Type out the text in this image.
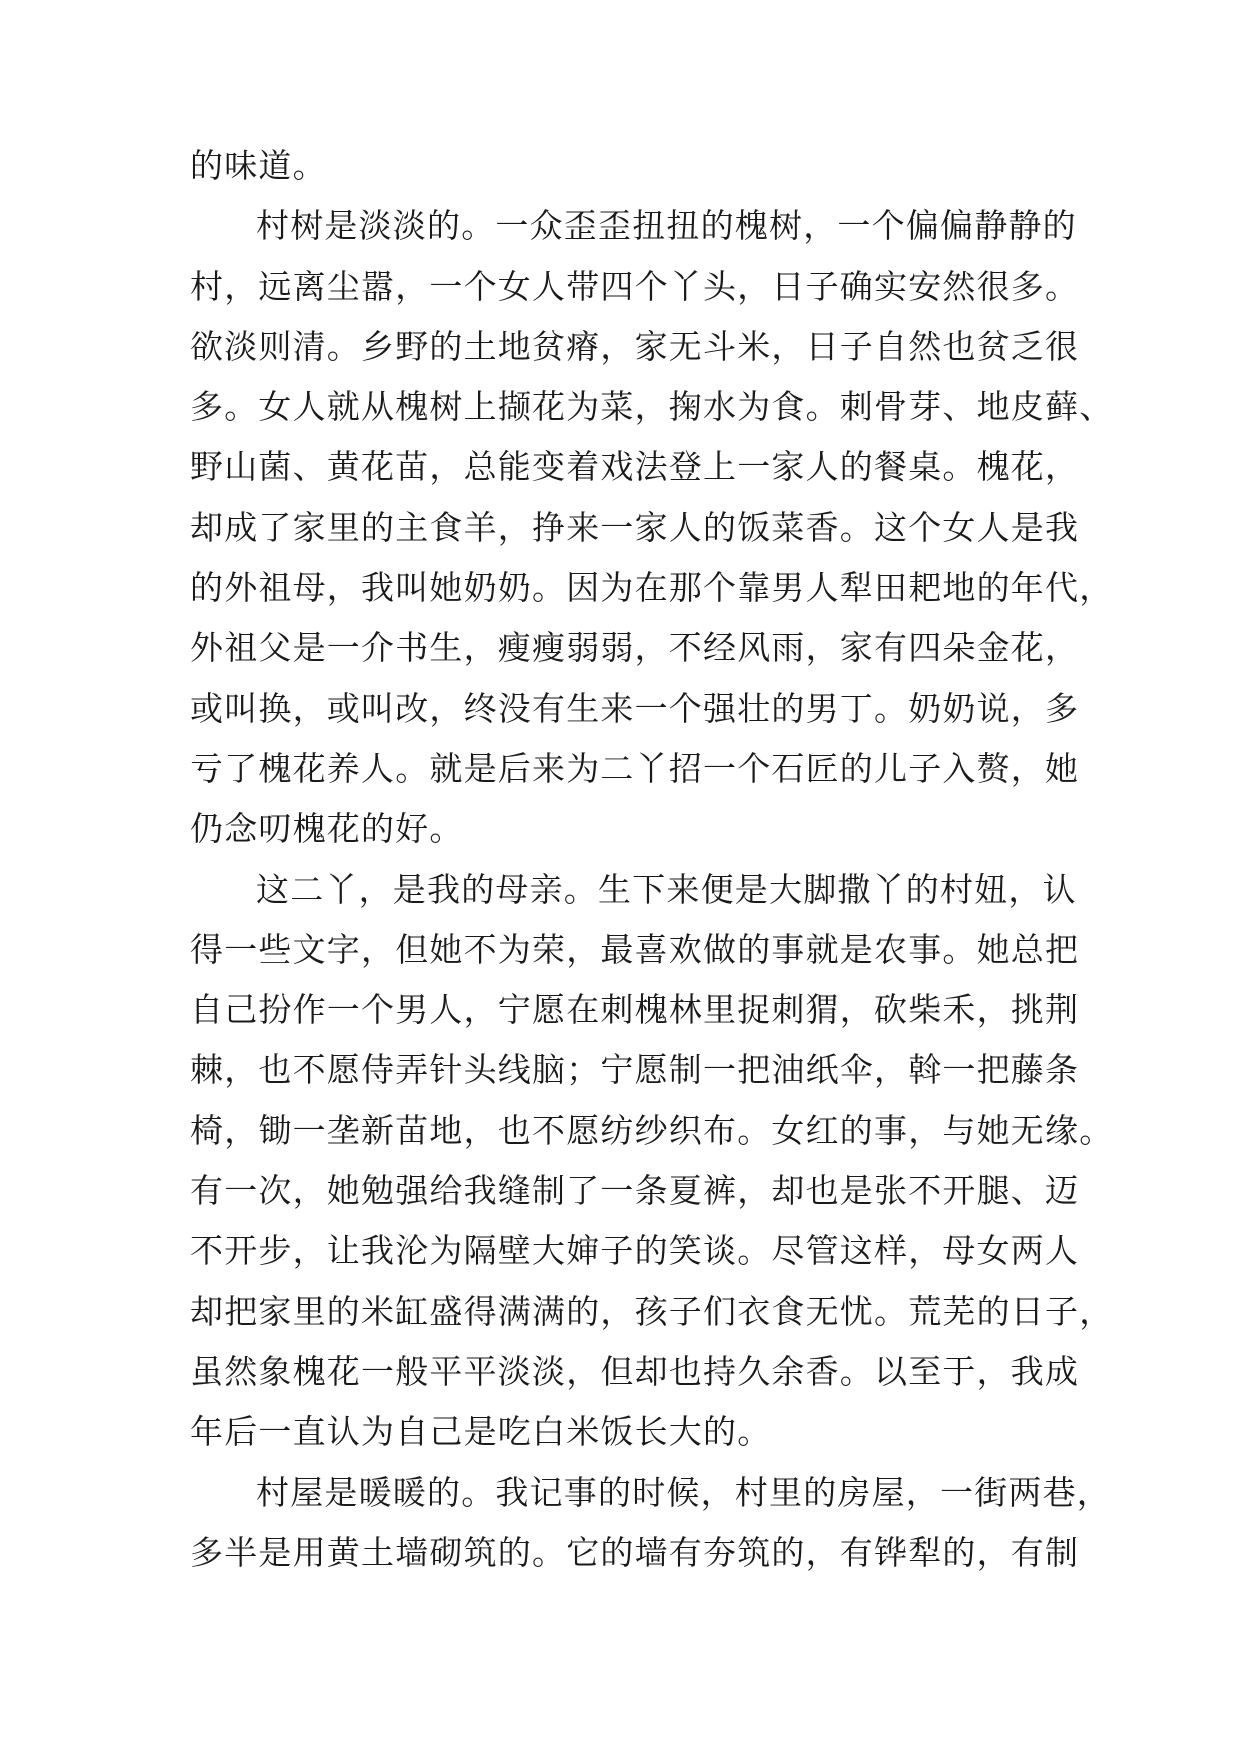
的味道。
村树是淡淡的。一众歪歪扭扭的槐树，一个偏偏静静的
村，远离尘嚣，一个女人带四个丫头，日子确实安然很多。
欲淡则清。乡野的土地贫瘠，家无斗米，日子自然也贫乏很
多。女人就从槐树上撷花为菜，掬水为食。刺骨芽、地皮藓、
野山菌、黄花苗，总能变着戏法登上一家人的餐桌。槐花，
却成了家里的主食羊，挣来一家人的饭菜香。这个女人是我
的外祖母，我叫她奶奶。因为在那个靠男人犁田耙地的年代，
外祖父是一介书生，瘦瘦弱弱，不经风雨，家有四朵金花，
或叫换，或叫改，终没有生来一个强壮的男丁。奶奶说，多
亏了槐花养人。就是后来为二丫招一个石匠的儿子入赘，她
仍念叨槐花的好。
这二丫，是我的母亲。生下来便是大脚撒丫的村妞，认
得一些文字，但她不为荣，最喜欢做的事就是农事。她总把
自己扮作一个男人，宁愿在刺槐林里捉刺猬，砍柴禾，挑荆
棘，也不愿侍弄针头线脑；宁愿制一把油纸伞，斡一把藤条
椅，锄一垄新苗地，也不愿纺纱织布。女红的事，与她无缘。
有一次，她勉强给我缝制了一条夏裤，却也是张不开腿、迈
不开步，让我沦为隔壁大婶子的笑谈。尽管这样，母女两人
却把家里的米缸盛得满满的，孩子们衣食无忧。荒芜的日子，
虽然象槐花一般平平淡淡，但却也持久余香。以至于，我成
年后一直认为自己是吃白米饭长大的。
村屋是暖暖的。我记事的时候，村里的房屋，一街两巷，
多半是用黄土墙砌筑的。它的墙有夯筑的，有铧犁的，有制
